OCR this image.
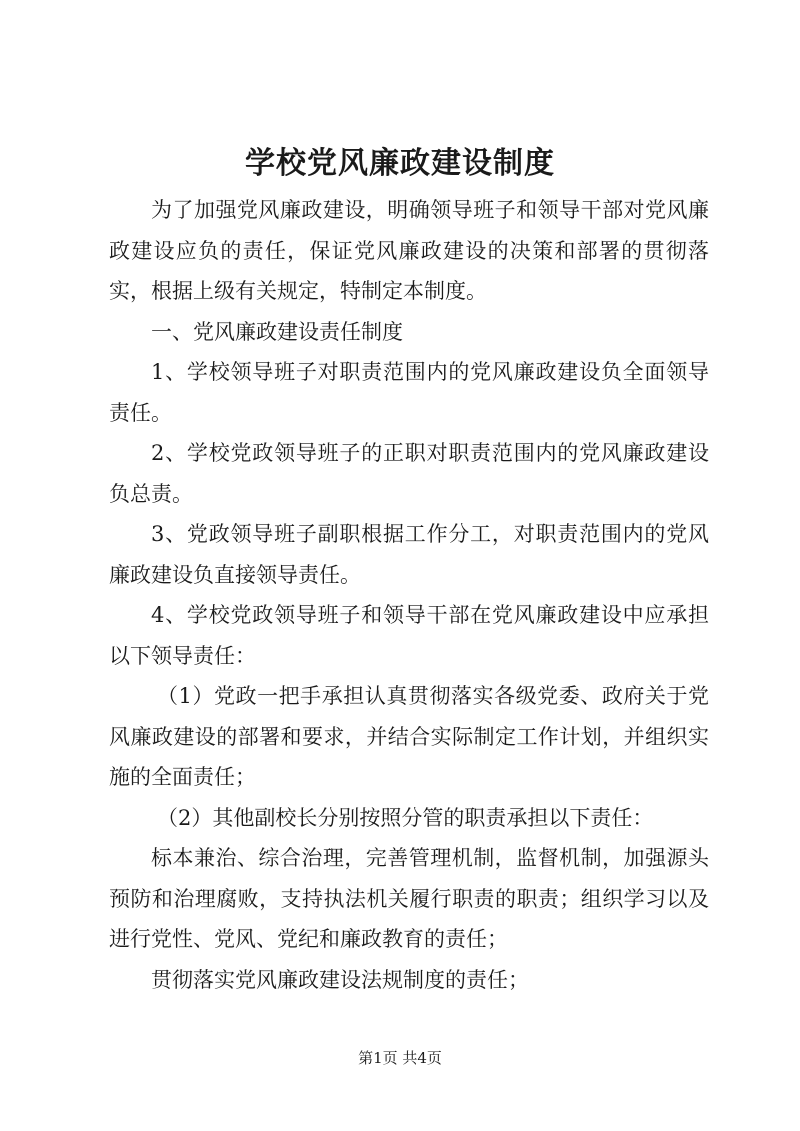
学校党风廉政建设制度

为了加强党风廉政建设，明确领导班子和领导干部对党风廉政建设应负的责任，保证党风廉政建设的决策和部署的贯彻落实，根据上级有关规定，特制定本制度。

一、党风廉政建设责任制度

1、学校领导班子对职责范围内的党风廉政建设负全面领导责任。

2、学校党政领导班子的正职对职责范围内的党风廉政建设负总责。

3、党政领导班子副职根据工作分工，对职责范围内的党风廉政建设负直接领导责任。

4、学校党政领导班子和领导干部在党风廉政建设中应承担以下领导责任：

（1）党政一把手承担认真贯彻落实各级党委、政府关于党风廉政建设的部署和要求，并结合实际制定工作计划，并组织实施的全面责任；

（2）其他副校长分别按照分管的职责承担以下责任：

标本兼治、综合治理，完善管理机制，监督机制，加强源头预防和治理腐败，支持执法机关履行职责的职责；组织学习以及进行党性、党风、党纪和廉政教育的责任；

贯彻落实党风廉政建设法规制度的责任；

第1页 共4页
